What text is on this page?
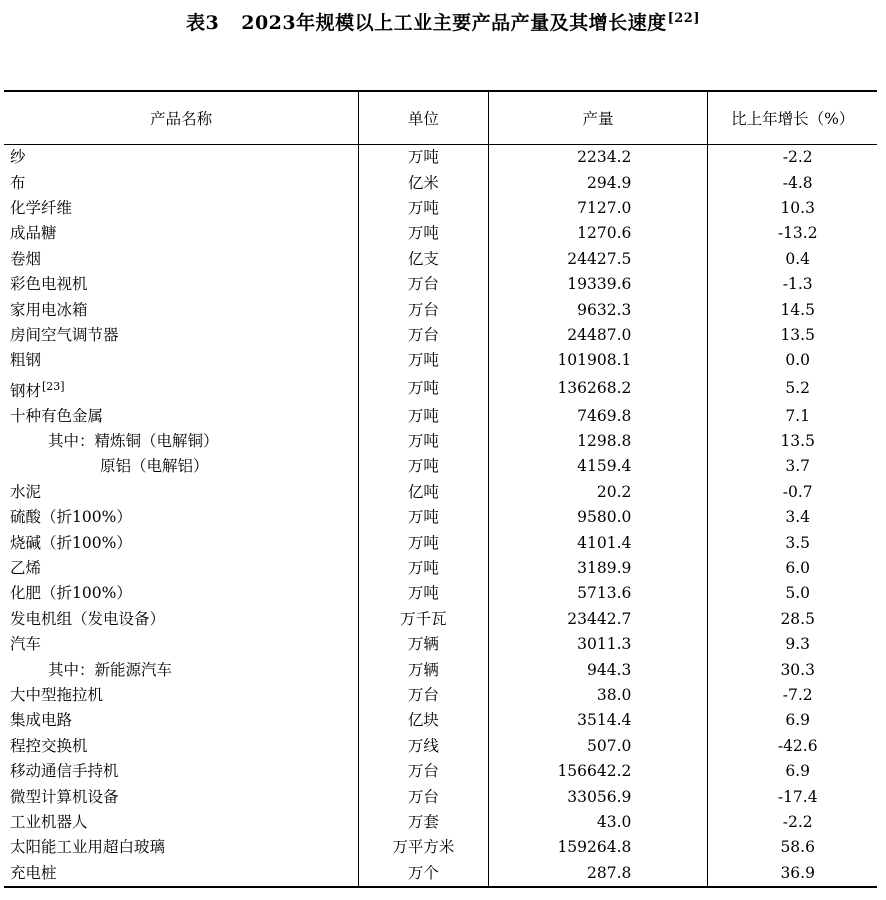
表3 2023年规模以上工业主要产品产量及其增长速度[22]
产品名称	单位	产量	比上年增长（%）
纱	万吨	2234.2	-2.2
布	亿米	294.9	-4.8
化学纤维	万吨	7127.0	10.3
成品糖	万吨	1270.6	-13.2
卷烟	亿支	24427.5	0.4
彩色电视机	万台	19339.6	-1.3
家用电冰箱	万台	9632.3	14.5
房间空气调节器	万台	24487.0	13.5
粗钢	万吨	101908.1	0.0
钢材[23]	万吨	136268.2	5.2
十种有色金属	万吨	7469.8	7.1
其中：精炼铜（电解铜）	万吨	1298.8	13.5
原铝（电解铝）	万吨	4159.4	3.7
水泥	亿吨	20.2	-0.7
硫酸（折100%）	万吨	9580.0	3.4
烧碱（折100%）	万吨	4101.4	3.5
乙烯	万吨	3189.9	6.0
化肥（折100%）	万吨	5713.6	5.0
发电机组（发电设备）	万千瓦	23442.7	28.5
汽车	万辆	3011.3	9.3
其中：新能源汽车	万辆	944.3	30.3
大中型拖拉机	万台	38.0	-7.2
集成电路	亿块	3514.4	6.9
程控交换机	万线	507.0	-42.6
移动通信手持机	万台	156642.2	6.9
微型计算机设备	万台	33056.9	-17.4
工业机器人	万套	43.0	-2.2
太阳能工业用超白玻璃	万平方米	159264.8	58.6
充电桩	万个	287.8	36.9
